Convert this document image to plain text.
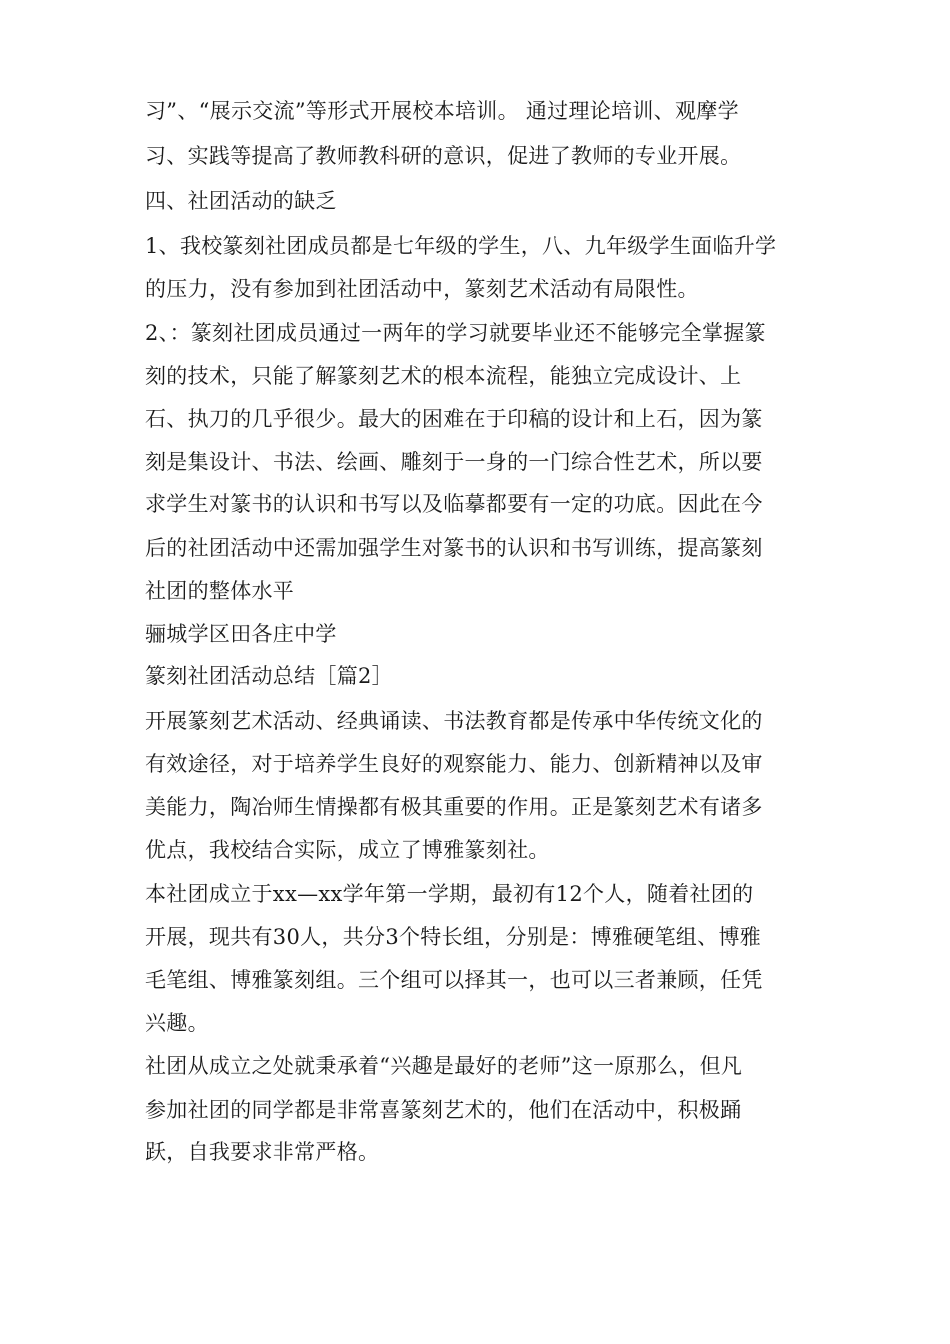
习”、“展示交流”等形式开展校本培训。 通过理论培训、观摩学
习、实践等提高了教师教科研的意识，促进了教师的专业开展。
四、社团活动的缺乏
1、我校篆刻社团成员都是七年级的学生，八、九年级学生面临升学
的压力，没有参加到社团活动中，篆刻艺术活动有局限性。
2、：篆刻社团成员通过一两年的学习就要毕业还不能够完全掌握篆
刻的技术，只能了解篆刻艺术的根本流程，能独立完成设计、上
石、执刀的几乎很少。最大的困难在于印稿的设计和上石，因为篆
刻是集设计、书法、绘画、雕刻于一身的一门综合性艺术，所以要
求学生对篆书的认识和书写以及临摹都要有一定的功底。因此在今
后的社团活动中还需加强学生对篆书的认识和书写训练，提高篆刻
社团的整体水平
骊城学区田各庄中学
篆刻社团活动总结［篇2］
开展篆刻艺术活动、经典诵读、书法教育都是传承中华传统文化的
有效途径，对于培养学生良好的观察能力、能力、创新精神以及审
美能力，陶冶师生情操都有极其重要的作用。正是篆刻艺术有诸多
优点，我校结合实际，成立了博雅篆刻社。
本社团成立于xx—xx学年第一学期，最初有12个人，随着社团的
开展，现共有30人，共分3个特长组，分别是：博雅硬笔组、博雅
毛笔组、博雅篆刻组。三个组可以择其一，也可以三者兼顾，任凭
兴趣。
社团从成立之处就秉承着“兴趣是最好的老师”这一原那么，但凡
参加社团的同学都是非常喜篆刻艺术的，他们在活动中，积极踊
跃，自我要求非常严格。
